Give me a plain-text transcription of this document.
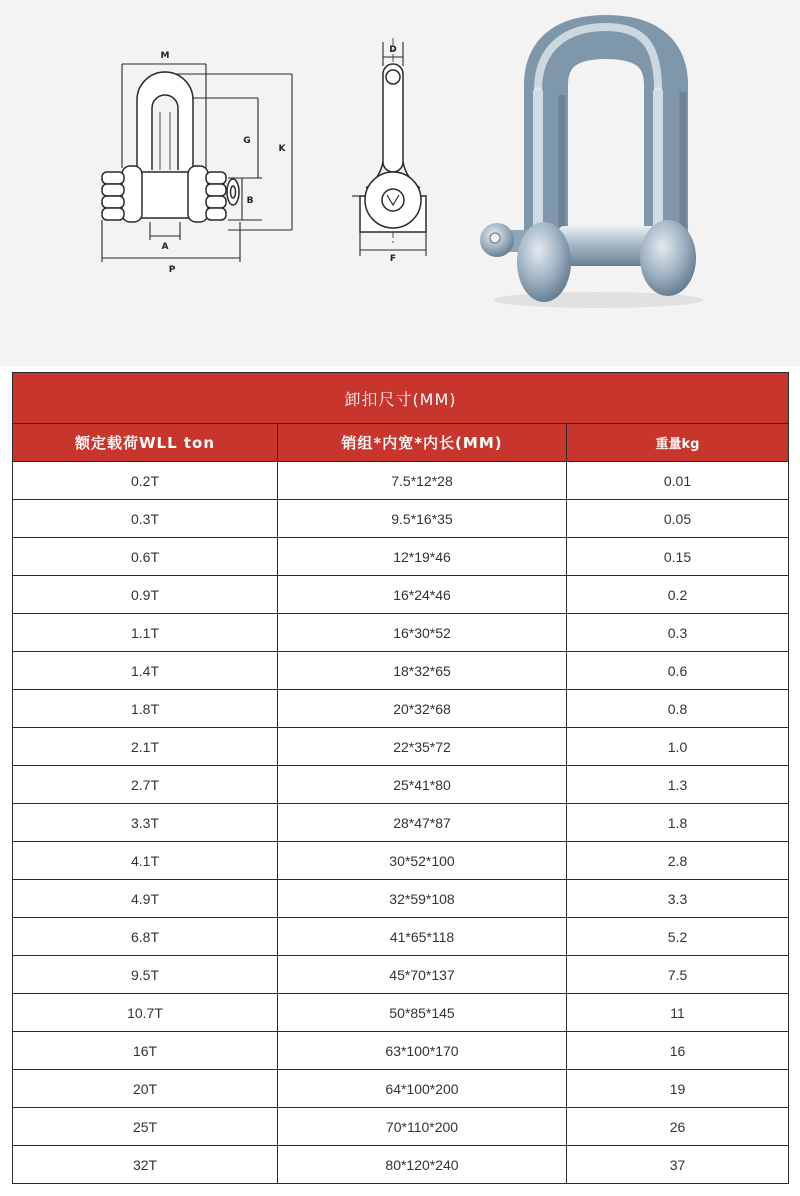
M
G
K
B
A
P
D
F
卸扣尺寸(MM)		
额定载荷WLL ton	销组*内宽*内长(MM)	重量kg
0.2T	7.5*12*28	0.01
0.3T	9.5*16*35	0.05
0.6T	12*19*46	0.15
0.9T	16*24*46	0.2
1.1T	16*30*52	0.3
1.4T	18*32*65	0.6
1.8T	20*32*68	0.8
2.1T	22*35*72	1.0
2.7T	25*41*80	1.3
3.3T	28*47*87	1.8
4.1T	30*52*100	2.8
4.9T	32*59*108	3.3
6.8T	41*65*118	5.2
9.5T	45*70*137	7.5
10.7T	50*85*145	11
16T	63*100*170	16
20T	64*100*200	19
25T	70*110*200	26
32T	80*120*240	37
